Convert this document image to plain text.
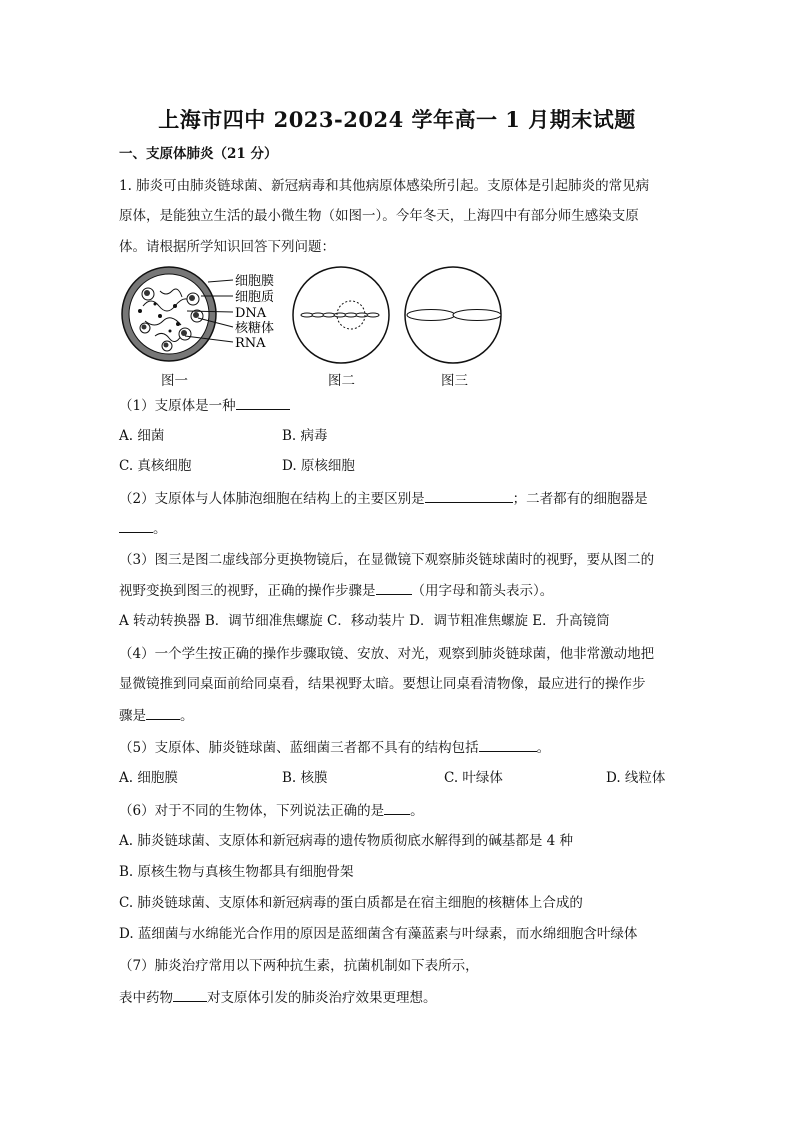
上海市四中 2023-2024 学年高一 1 月期末试题
一、支原体肺炎（21 分）
1. 肺炎可由肺炎链球菌、新冠病毒和其他病原体感染所引起。支原体是引起肺炎的常见病
原体，是能独立生活的最小微生物（如图一）。今年冬天，上海四中有部分师生感染支原
体。请根据所学知识回答下列问题：
细胞膜
细胞质
DNA
核糖体
RNA
图一	图二	图三
（1）支原体是一种
A. 细菌	B. 病毒
C. 真核细胞	D. 原核细胞
（2）支原体与人体肺泡细胞在结构上的主要区别是	；二者都有的细胞器是
。
（3）图三是图二虚线部分更换物镜后，在显微镜下观察肺炎链球菌时的视野，要从图二的
视野变换到图三的视野，正确的操作步骤是	（用字母和箭头表示）。
A 转动转换器 B．调节细准焦螺旋 C．移动装片 D．调节粗准焦螺旋 E．升高镜筒
（4）一个学生按正确的操作步骤取镜、安放、对光，观察到肺炎链球菌，他非常激动地把
显微镜推到同桌面前给同桌看，结果视野太暗。要想让同桌看清物像，最应进行的操作步
骤是	。
（5）支原体、肺炎链球菌、蓝细菌三者都不具有的结构包括	。
A. 细胞膜	B. 核膜	C. 叶绿体	D. 线粒体
（6）对于不同的生物体，下列说法正确的是 。
A. 肺炎链球菌、支原体和新冠病毒的遗传物质彻底水解得到的碱基都是 4 种
B. 原核生物与真核生物都具有细胞骨架
C. 肺炎链球菌、支原体和新冠病毒的蛋白质都是在宿主细胞的核糖体上合成的
D. 蓝细菌与水绵能光合作用的原因是蓝细菌含有藻蓝素与叶绿素，而水绵细胞含叶绿体
（7）肺炎治疗常用以下两种抗生素，抗菌机制如下表所示，
表中药物	对支原体引发的肺炎治疗效果更理想。
